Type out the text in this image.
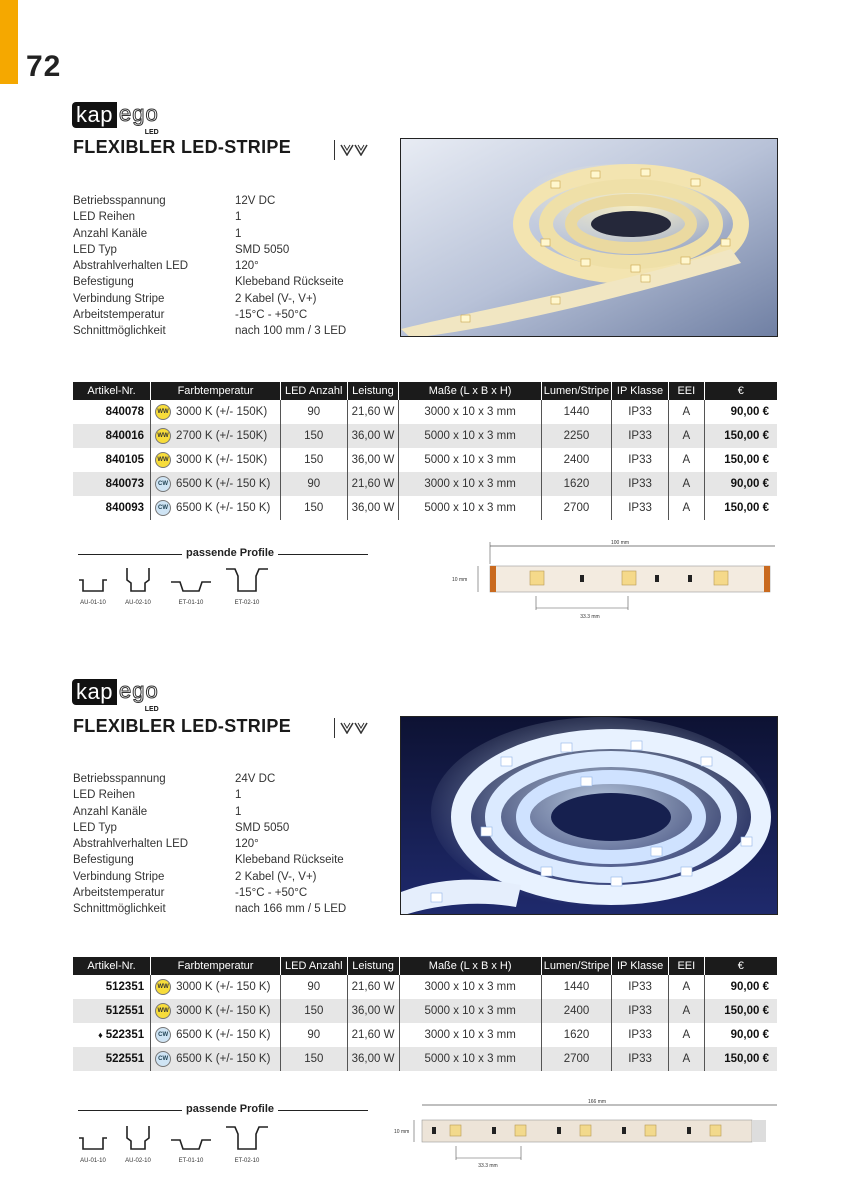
72
kap ego
LED
FLEXIBLER LED-STRIPE
Betriebsspannung	12V DC
LED Reihen	1
Anzahl Kanäle	1
LED Typ	SMD 5050
Abstrahlverhalten LED	120°
Befestigung	Klebeband Rückseite
Verbindung Stripe	2 Kabel (V-, V+)
Arbeitstemperatur	-15°C - +50°C
Schnittmöglichkeit	nach 100 mm / 3 LED
Artikel-Nr.	Farbtemperatur	LED Anzahl	Leistung	Maße (L x B x H)	Lumen/Stripe	IP Klasse	EEI	€
840078	WW 3000 K (+/- 150K)	90	21,60 W	3000 x 10 x 3 mm	1440	IP33	A	90,00 €
840016	WW 2700 K (+/- 150K)	150	36,00 W	5000 x 10 x 3 mm	2250	IP33	A	150,00 €
840105	WW 3000 K (+/- 150K)	150	36,00 W	5000 x 10 x 3 mm	2400	IP33	A	150,00 €
840073	CW 6500 K (+/- 150 K)	90	21,60 W	3000 x 10 x 3 mm	1620	IP33	A	90,00 €
840093	CW 6500 K (+/- 150 K)	150	36,00 W	5000 x 10 x 3 mm	2700	IP33	A	150,00 €
passende Profile
AU-01-10	AU-02-10	ET-01-10	ET-02-10
100 mm
10 mm
33.3 mm
kap ego
LED
FLEXIBLER LED-STRIPE
Betriebsspannung	24V DC
LED Reihen	1
Anzahl Kanäle	1
LED Typ	SMD 5050
Abstrahlverhalten LED	120°
Befestigung	Klebeband Rückseite
Verbindung Stripe	2 Kabel (V-, V+)
Arbeitstemperatur	-15°C - +50°C
Schnittmöglichkeit	nach 166 mm / 5 LED
Artikel-Nr.	Farbtemperatur	LED Anzahl	Leistung	Maße (L x B x H)	Lumen/Stripe	IP Klasse	EEI	€
512351	WW 3000 K (+/- 150 K)	90	21,60 W	3000 x 10 x 3 mm	1440	IP33	A	90,00 €
512551	WW 3000 K (+/- 150 K)	150	36,00 W	5000 x 10 x 3 mm	2400	IP33	A	150,00 €
♦ 522351	CW 6500 K (+/- 150 K)	90	21,60 W	3000 x 10 x 3 mm	1620	IP33	A	90,00 €
522551	CW 6500 K (+/- 150 K)	150	36,00 W	5000 x 10 x 3 mm	2700	IP33	A	150,00 €
passende Profile
AU-01-10	AU-02-10	ET-01-10	ET-02-10
166 mm
10 mm
33.3 mm
